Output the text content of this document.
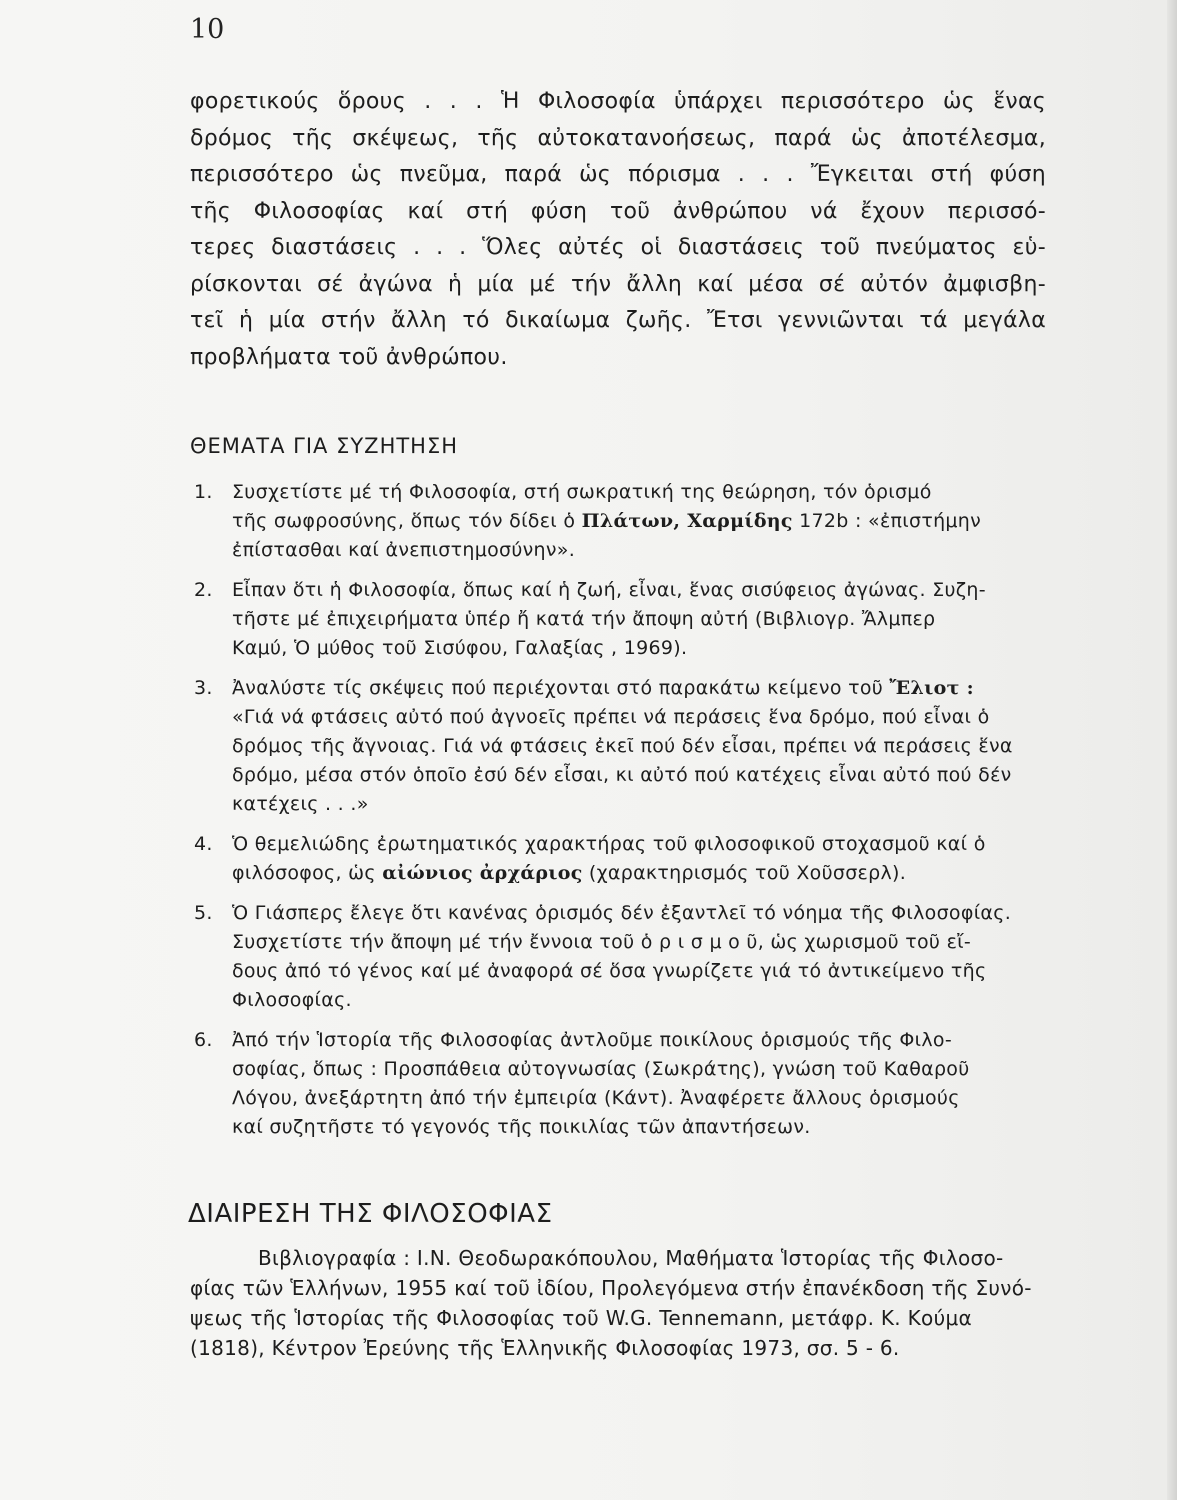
10

φορετικούς ὅρους . . . Ἡ Φιλοσοφία ὑπάρχει περισσότερο ὡς ἕνας

δρόμος τῆς σκέψεως, τῆς αὐτοκατανοήσεως, παρά ὡς ἀποτέλεσμα,

περισσότερο ὡς πνεῦμα, παρά ὡς πόρισμα . . . Ἔγκειται στή φύση

τῆς Φιλοσοφίας καί στή φύση τοῦ ἀνθρώπου νά ἔχουν περισσό-

τερες διαστάσεις . . . Ὅλες αὐτές οἱ διαστάσεις τοῦ πνεύματος εὑ-

ρίσκονται σέ ἀγώνα ἡ μία μέ τήν ἄλλη καί μέσα σέ αὐτόν ἀμφισβη-

τεῖ ἡ μία στήν ἄλλη τό δικαίωμα ζωῆς. Ἔτσι γεννιῶνται τά μεγάλα

προβλήματα τοῦ ἀνθρώπου.

ΘΕΜΑΤΑ ΓΙΑ ΣΥΖΗΤΗΣΗ
1. Συσχετίστε μέ τή Φιλοσοφία, στή σωκρατική της θεώρηση, τόν ὁρισμό
τῆς σωφροσύνης, ὅπως τόν δίδει ὁ Πλάτων, Χαρμίδης 172b : «ἐπιστήμην
ἐπίστασθαι καί ἀνεπιστημοσύνην».
2. Εἶπαν ὅτι ἡ Φιλοσοφία, ὅπως καί ἡ ζωή, εἶναι, ἕνας σισύφειος ἀγώνας. Συζη-
τῆστε μέ ἐπιχειρήματα ὑπέρ ἤ κατά τήν ἄποψη αὐτή (Βιβλιογρ. Ἄλμπερ
Καμύ, Ὁ μύθος τοῦ Σισύφου, Γαλαξίας , 1969).
3. Ἀναλύστε τίς σκέψεις πού περιέχονται στό παρακάτω κείμενο τοῦ Ἔλιοτ :
«Γιά νά φτάσεις αὐτό πού ἀγνοεῖς πρέπει νά περάσεις ἕνα δρόμο, πού εἶναι ὁ
δρόμος τῆς ἄγνοιας. Γιά νά φτάσεις ἐκεῖ πού δέν εἶσαι, πρέπει νά περάσεις ἕνα
δρόμο, μέσα στόν ὁποῖο ἐσύ δέν εἶσαι, κι αὐτό πού κατέχεις εἶναι αὐτό πού δέν
κατέχεις . . .»
4. Ὁ θεμελιώδης ἐρωτηματικός χαρακτήρας τοῦ φιλοσοφικοῦ στοχασμοῦ καί ὁ
φιλόσοφος, ὡς αἰώνιος ἀρχάριος (χαρακτηρισμός τοῦ Χοῦσσερλ).
5. Ὁ Γιάσπερς ἔλεγε ὅτι κανένας ὁρισμός δέν ἐξαντλεῖ τό νόημα τῆς Φιλοσοφίας.
Συσχετίστε τήν ἄποψη μέ τήν ἔννοια τοῦ ὁ ρ ι σ μ ο ῦ, ὡς χωρισμοῦ τοῦ εἴ-
δους ἀπό τό γένος καί μέ ἀναφορά σέ ὅσα γνωρίζετε γιά τό ἀντικείμενο τῆς
Φιλοσοφίας.
6. Ἀπό τήν Ἱστορία τῆς Φιλοσοφίας ἀντλοῦμε ποικίλους ὁρισμούς τῆς Φιλο-
σοφίας, ὅπως : Προσπάθεια αὐτογνωσίας (Σωκράτης), γνώση τοῦ Καθαροῦ
Λόγου, ἀνεξάρτητη ἀπό τήν ἐμπειρία (Κάντ). Ἀναφέρετε ἄλλους ὁρισμούς
καί συζητῆστε τό γεγονός τῆς ποικιλίας τῶν ἀπαντήσεων.
ΔΙΑΙΡΕΣΗ ΤΗΣ ΦΙΛΟΣΟΦΙΑΣ
Βιβλιογραφία : Ι.Ν. Θεοδωρακόπουλου, Μαθήματα Ἱστορίας τῆς Φιλοσο-
φίας τῶν Ἑλλήνων, 1955 καί τοῦ ἰδίου, Προλεγόμενα στήν ἐπανέκδοση τῆς Συνό-
ψεως τῆς Ἱστορίας τῆς Φιλοσοφίας τοῦ W.G. Tennemann, μετάφρ. Κ. Κούμα
(1818), Κέντρον Ἐρεύνης τῆς Ἑλληνικῆς Φιλοσοφίας 1973, σσ. 5 - 6.
